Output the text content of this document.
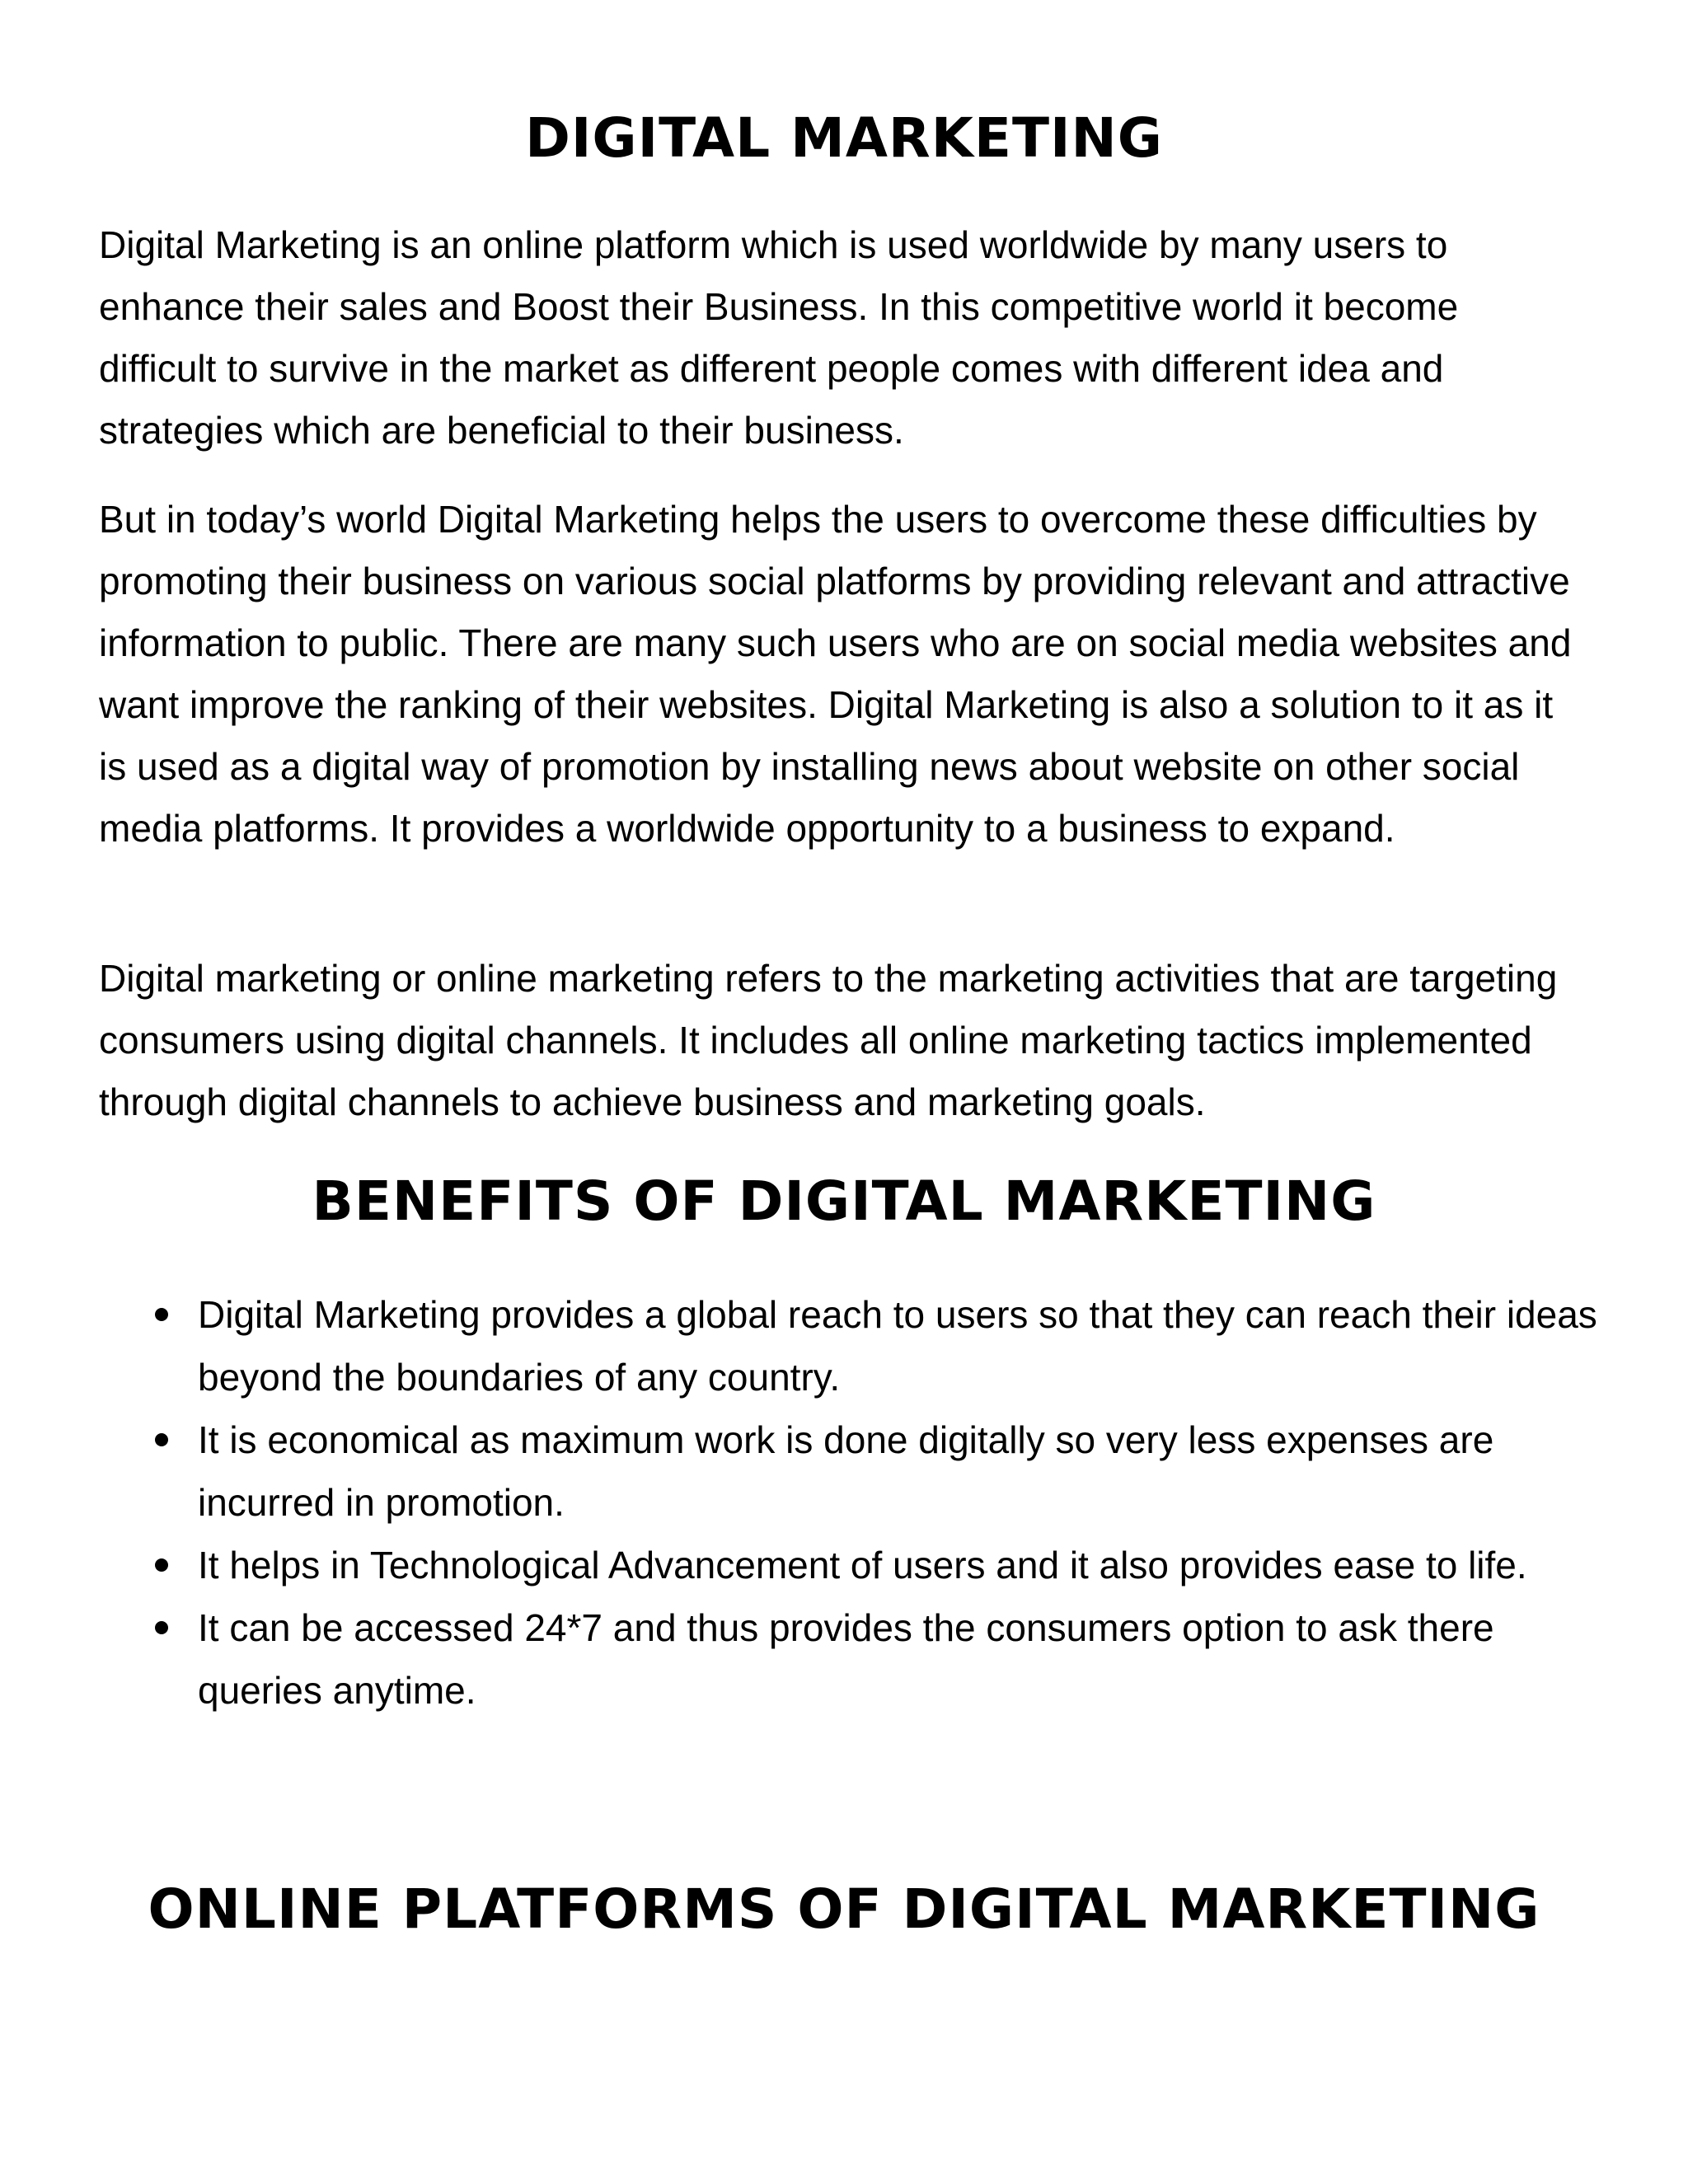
DIGITAL MARKETING

Digital Marketing is an online platform which is used worldwide by many users to enhance their sales and Boost their Business. In this competitive world it become difficult to survive in the market as different people comes with different idea and strategies which are beneficial to their business.

But in today’s world Digital Marketing helps the users to overcome these difficulties by promoting their business on various social platforms by providing relevant and attractive information to public. There are many such users who are on social media websites and want improve the ranking of their websites. Digital Marketing is also a solution to it as it is used as a digital way of promotion by installing news about website on other social media platforms. It provides a worldwide opportunity to a business to expand.

Digital marketing or online marketing refers to the marketing activities that are targeting consumers using digital channels. It includes all online marketing tactics implemented through digital channels to achieve business and marketing goals.

BENEFITS OF DIGITAL MARKETING
Digital Marketing provides a global reach to users so that they can reach their ideas beyond the boundaries of any country.
It is economical as maximum work is done digitally so very less expenses are incurred in promotion.
It helps in Technological Advancement of users and it also provides ease to life.
It can be accessed 24*7 and thus provides the consumers option to ask there queries anytime.
ONLINE PLATFORMS OF DIGITAL MARKETING
